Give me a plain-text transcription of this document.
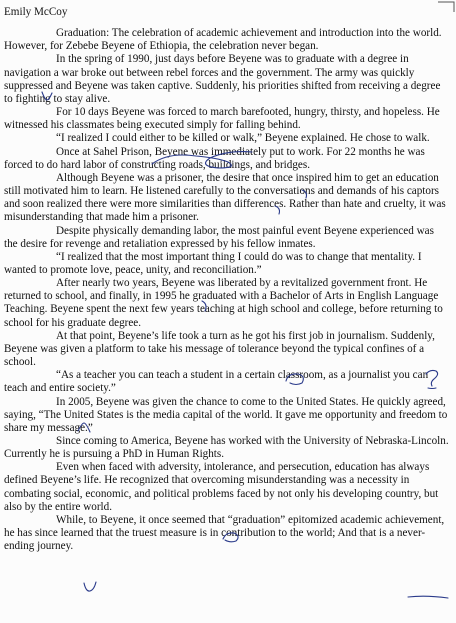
Emily McCoy

Graduation: The celebration of academic achievement and introduction into the world. However, for Zebebe Beyene of Ethiopia, the celebration never began.

In the spring of 1990, just days before Beyene was to graduate with a degree in navigation a war broke out between rebel forces and the government. The army was quickly suppressed and Beyene was taken captive. Suddenly, his priorities shifted from receiving a degree to fighting to stay alive.

For 10 days Beyene was forced to march barefooted, hungry, thirsty, and hopeless. He witnessed his classmates being executed simply for falling behind.

“I realized I could either to be killed or walk,” Beyene explained. He chose to walk.

Once at Sahel Prison, Beyene was immediately put to work. For 22 months he was forced to do hard labor of constructing roads, buildings, and bridges.

Although Beyene was a prisoner, the desire that once inspired him to get an education still motivated him to learn. He listened carefully to the conversations and demands of his captors and soon realized there were more similarities than differences. Rather than hate and cruelty, it was misunderstanding that made him a prisoner.

Despite physically demanding labor, the most painful event Beyene experienced was the desire for revenge and retaliation expressed by his fellow inmates.

“I realized that the most important thing I could do was to change that mentality. I wanted to promote love, peace, unity, and reconciliation.”

After nearly two years, Beyene was liberated by a revitalized government front. He returned to school, and finally, in 1995 he graduated with a Bachelor of Arts in English Language Teaching. Beyene spent the next few years teaching at high school and college, before returning to school for his graduate degree.

At that point, Beyene’s life took a turn as he got his first job in journalism. Suddenly, Beyene was given a platform to take his message of tolerance beyond the typical confines of a school.

“As a teacher you can teach a student in a certain classroom, as a journalist you can teach and entire society.”

In 2005, Beyene was given the chance to come to the United States. He quickly agreed, saying, “The United States is the media capital of the world. It gave me opportunity and freedom to share my message.”

Since coming to America, Beyene has worked with the University of Nebraska-Lincoln. Currently he is pursuing a PhD in Human Rights.

Even when faced with adversity, intolerance, and persecution, education has always defined Beyene’s life. He recognized that overcoming misunderstanding was a necessity in combating social, economic, and political problems faced by not only his developing country, but also by the entire world.

While, to Beyene, it once seemed that “graduation” epitomized academic achievement, he has since learned that the truest measure is in contribution to the world; And that is a never-ending journey.
